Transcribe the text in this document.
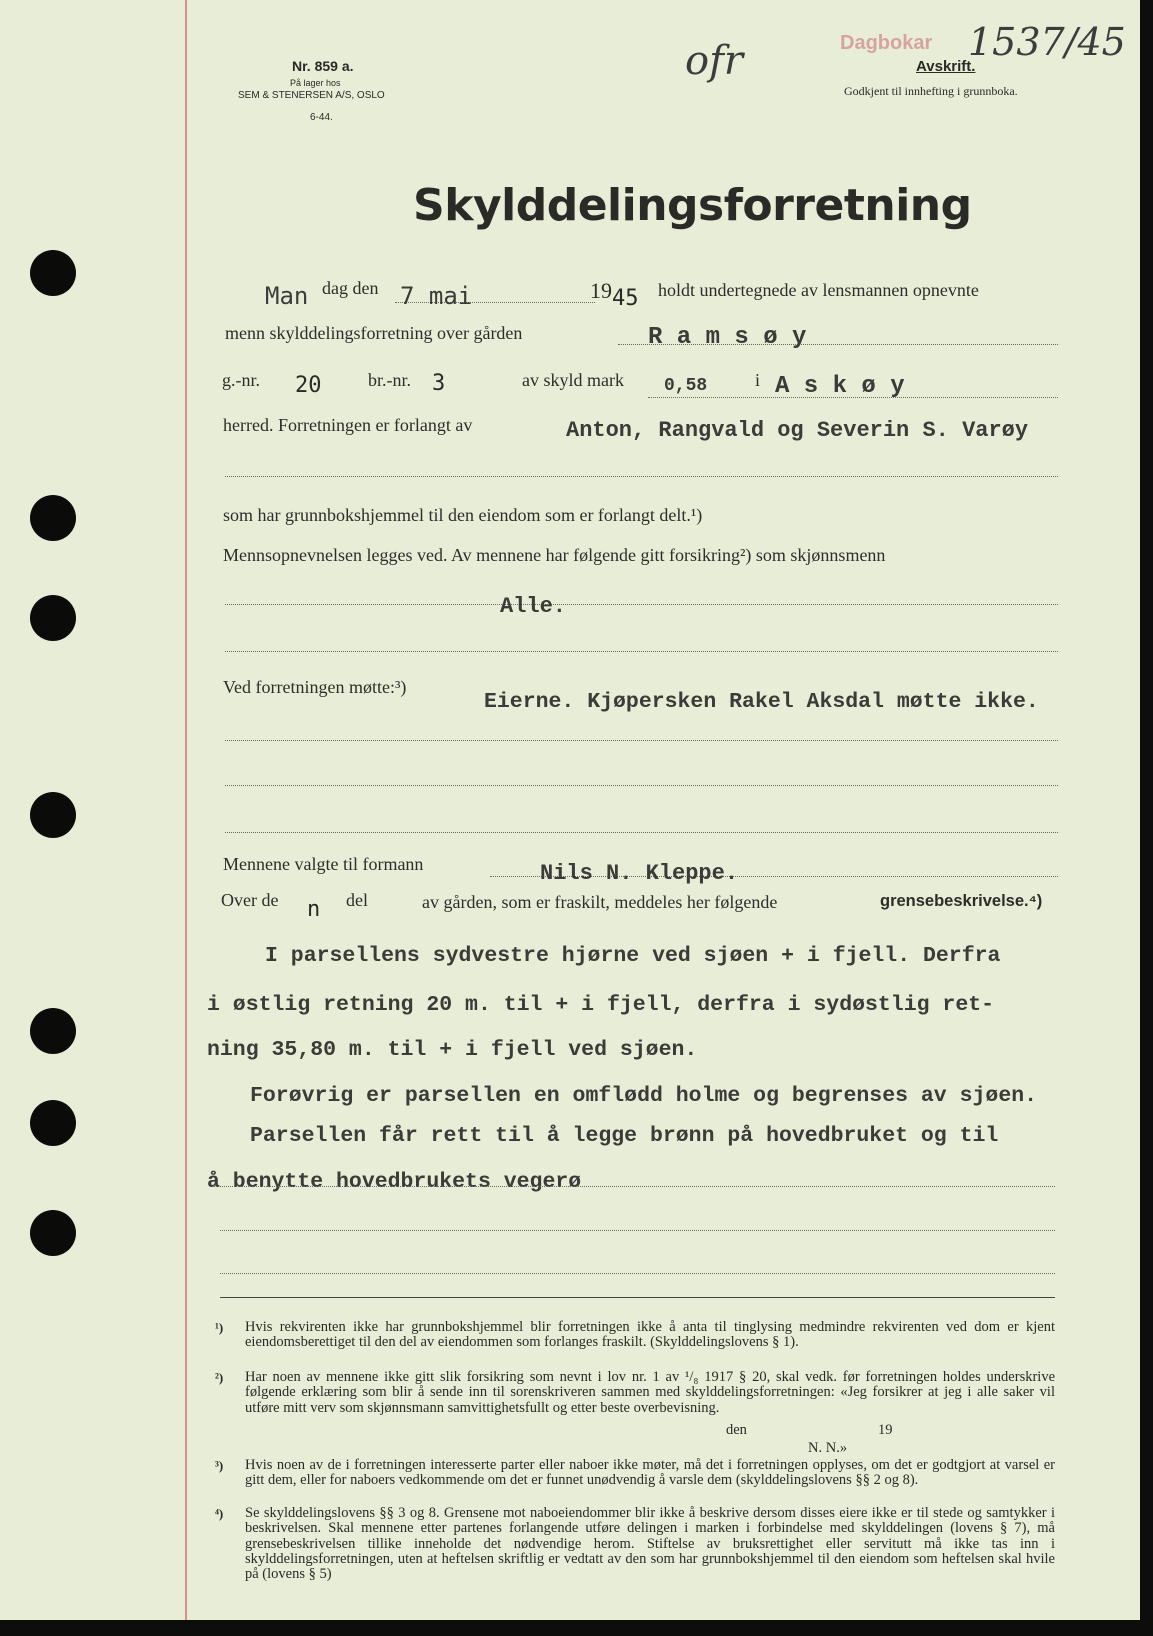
Nr. 859 a.
På lager hos
SEM & STENERSEN A/S, OSLO
6-44.
ofr	Dagbokar 1537/45
Avskrift.
Godkjent til innhefting i grunnboka.
Skylddelingsforretning
Man dag den 7 mai	19 45 holdt undertegnede av lensmannen opnevnte
menn skylddelingsforretning over gården	R a m s ø y
g.-nr. 20	br.-nr. 3	av skyld mark 0,58	i A s k ø y
herred. Forretningen er forlangt av	Anton, Rangvald og Severin S. Varøy
som har grunnbokshjemmel til den eiendom som er forlangt delt.¹)
Mennsopnevnelsen legges ved. Av mennene har følgende gitt forsikring²) som skjønnsmenn
Alle.
Ved forretningen møtte:³)
Eierne. Kjøpersken Rakel Aksdal møtte ikke.
Mennene valgte til formann	Nils N. Kleppe.
Over de n del	av gården, som er fraskilt, meddeles her følgende	grensebeskrivelse.⁴)
I parsellens sydvestre hjørne ved sjøen + i fjell. Derfra
i østlig retning 20 m. til + i fjell, derfra i sydøstlig ret-
ning 35,80 m. til + i fjell ved sjøen.
Forøvrig er parsellen en omflødd holme og begrenses av sjøen.
Parsellen får rett til å legge brønn på hovedbruket og til
å benytte hovedbrukets vegerø
¹) Hvis rekvirenten ikke har grunnbokshjemmel blir forretningen ikke å anta til tinglysing medmindre rekvirenten ved dom er kjent eiendomsberettiget til den del av eiendommen som forlanges fraskilt. (Skylddelingslovens § 1).
²) Har noen av mennene ikke gitt slik forsikring som nevnt i lov nr. 1 av ¹/₈ 1917 § 20, skal vedk. før forretningen holdes underskrive følgende erklæring som blir å sende inn til sorenskriveren sammen med skylddelingsforretningen: «Jeg forsikrer at jeg i alle saker vil utføre mitt verv som skjønnsmann samvittighetsfullt og etter beste overbevisning.
den	19
N. N.»
³) Hvis noen av de i forretningen interesserte parter eller naboer ikke møter, må det i forretningen opplyses, om det er godtgjort at varsel er gitt dem, eller for naboers vedkommende om det er funnet unødvendig å varsle dem (skylddelingslovens §§ 2 og 8).
⁴) Se skylddelingslovens §§ 3 og 8. Grensene mot naboeiendommer blir ikke å beskrive dersom disses eiere ikke er til stede og samtykker i beskrivelsen. Skal mennene etter partenes forlangende utføre delingen i marken i forbindelse med skylddelingen (lovens § 7), må grensebeskrivelsen tillike inneholde det nødvendige herom. Stiftelse av bruksrettighet eller servitutt må ikke tas inn i skylddelingsforretningen, uten at heftelsen skriftlig er vedtatt av den som har grunnbokshjemmel til den eiendom som heftelsen skal hvile på (lovens § 5)
